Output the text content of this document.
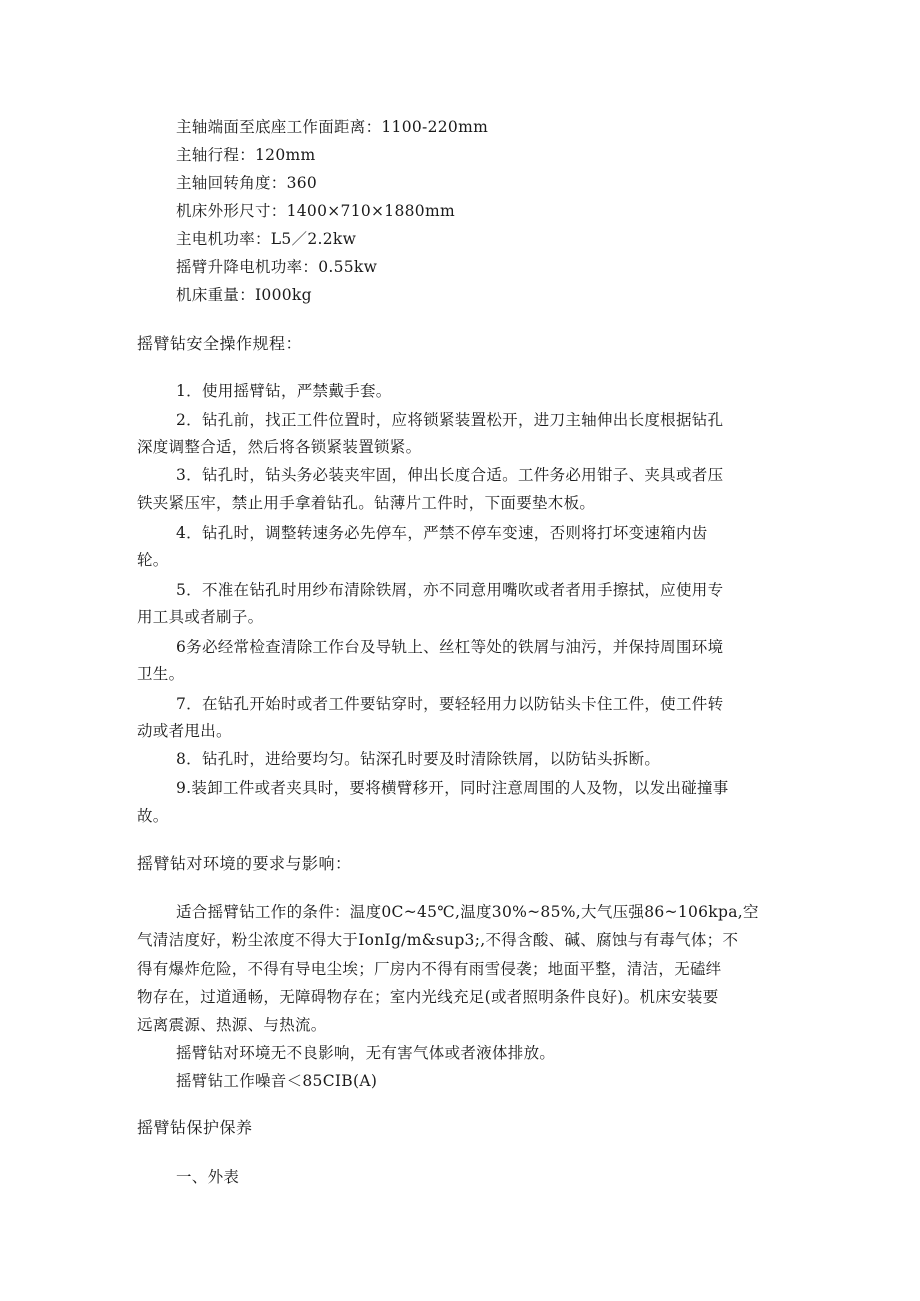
主轴端面至底座工作面距离：1100-220mm
主轴行程：120mm
主轴回转角度：360
机床外形尺寸：1400×710×1880mm
主电机功率：L5／2.2kw
摇臂升降电机功率：0.55kw
机床重量：I000kg
摇臂钻安全操作规程：
1．使用摇臂钻，严禁戴手套。
2．钻孔前，找正工件位置时，应将锁紧装置松开，进刀主轴伸出长度根据钻孔
深度调整合适，然后将各锁紧装置锁紧。
3．钻孔时，钻头务必装夹牢固，伸出长度合适。工件务必用钳子、夹具或者压
铁夹紧压牢，禁止用手拿着钻孔。钻薄片工件时，下面要垫木板。
4．钻孔时，调整转速务必先停车，严禁不停车变速，否则将打坏变速箱内齿
轮。
5．不准在钻孔时用纱布清除铁屑，亦不同意用嘴吹或者者用手擦拭，应使用专
用工具或者刷子。
6务必经常检查清除工作台及导轨上、丝杠等处的铁屑与油污，并保持周围环境
卫生。
7．在钻孔开始时或者工件要钻穿时，要轻轻用力以防钻头卡住工件，使工件转
动或者甩出。
8．钻孔时，进给要均匀。钻深孔时要及时清除铁屑，以防钻头拆断。
9.装卸工件或者夹具时，要将横臂移开，同时注意周围的人及物，以发出碰撞事
故。
摇臂钻对环境的要求与影响：
适合摇臂钻工作的条件：温度0C~45℃,温度30%~85%,大气压强86~106kpa,空
气清洁度好，粉尘浓度不得大于IonIg/m&sup3;,不得含酸、碱、腐蚀与有毒气体；不
得有爆炸危险，不得有导电尘埃；厂房内不得有雨雪侵袭；地面平整，清洁，无磕绊
物存在，过道通畅，无障碍物存在；室内光线充足(或者照明条件良好)。机床安装要
远离震源、热源、与热流。
摇臂钻对环境无不良影响，无有害气体或者液体排放。
摇臂钻工作噪音＜85CIB(A)
摇臂钻保护保养
一、外表
